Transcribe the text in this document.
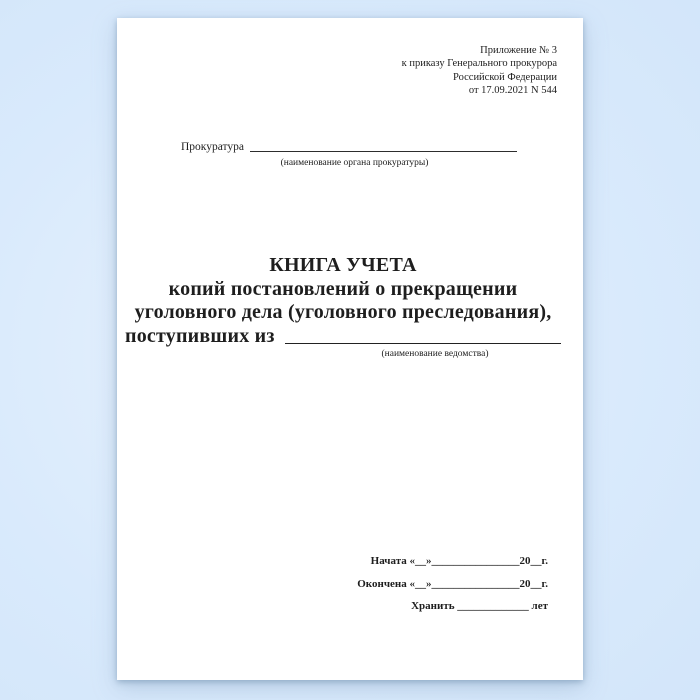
Приложение № 3
к приказу Генерального прокурора
Российской Федерации
от 17.09.2021 N 544
Прокуратура
(наименование органа прокуратуры)
КНИГА УЧЕТА
копий постановлений о прекращении
уголовного дела (уголовного преследования),
поступивших из
(наименование ведомства)
Начата «__»________________20__г.
Окончена «__»________________20__г.
Хранить _____________ лет
